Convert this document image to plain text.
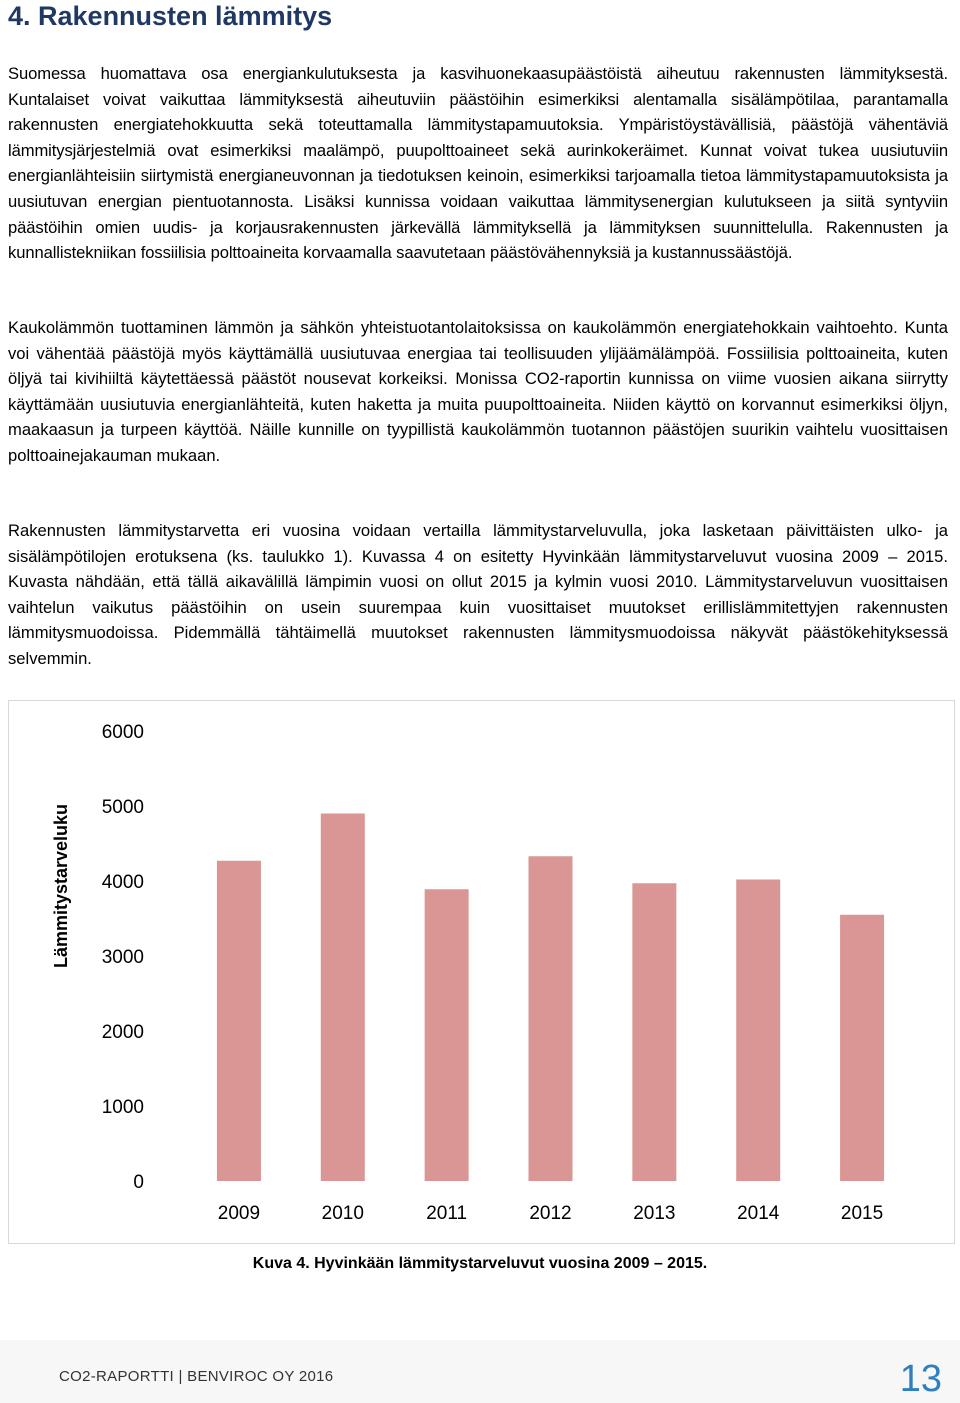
4. Rakennusten lämmitys

Suomessa huomattava osa energiankulutuksesta ja kasvihuonekaasupäästöistä aiheutuu rakennusten lämmityksestä. Kuntalaiset voivat vaikuttaa lämmityksestä aiheutuviin päästöihin esimerkiksi alentamalla sisälämpötilaa, parantamalla rakennusten energiatehokkuutta sekä toteuttamalla lämmitystapamuutoksia. Ympäristöystävällisiä, päästöjä vähentäviä lämmitysjärjestelmiä ovat esimerkiksi maalämpö, puupolttoaineet sekä aurinkokeräimet. Kunnat voivat tukea uusiutuviin energianlähteisiin siirtymistä energianeuvonnan ja tiedotuksen keinoin, esimerkiksi tarjoamalla tietoa lämmitystapamuutoksista ja uusiutuvan energian pientuotannosta. Lisäksi kunnissa voidaan vaikuttaa lämmitysenergian kulutukseen ja siitä syntyviin päästöihin omien uudis- ja korjausrakennusten järkevällä lämmityksellä ja lämmityksen suunnittelulla. Rakennusten ja kunnallistekniikan fossiilisia polttoaineita korvaamalla saavutetaan päästövähennyksiä ja kustannussäästöjä.

Kaukolämmön tuottaminen lämmön ja sähkön yhteistuotantolaitoksissa on kaukolämmön energiatehokkain vaihtoehto. Kunta voi vähentää päästöjä myös käyttämällä uusiutuvaa energiaa tai teollisuuden ylijäämälämpöä. Fossiilisia polttoaineita, kuten öljyä tai kivihiiltä käytettäessä päästöt nousevat korkeiksi. Monissa CO2-raportin kunnissa on viime vuosien aikana siirrytty käyttämään uusiutuvia energianlähteitä, kuten haketta ja muita puupolttoaineita. Niiden käyttö on korvannut esimerkiksi öljyn, maakaasun ja turpeen käyttöä. Näille kunnille on tyypillistä kaukolämmön tuotannon päästöjen suurikin vaihtelu vuosittaisen polttoainejakauman mukaan.

Rakennusten lämmitystarvetta eri vuosina voidaan vertailla lämmitystarveluvulla, joka lasketaan päivittäisten ulko- ja sisälämpötilojen erotuksena (ks. taulukko 1). Kuvassa 4 on esitetty Hyvinkään lämmitystarveluvut vuosina 2009 – 2015. Kuvasta nähdään, että tällä aikavälillä lämpimin vuosi on ollut 2015 ja kylmin vuosi 2010. Lämmitystarveluvun vuosittaisen vaihtelun vaikutus päästöihin on usein suurempaa kuin vuosittaiset muutokset erillislämmitettyjen rakennusten lämmitysmuodoissa. Pidemmällä tähtäimellä muutokset rakennusten lämmitysmuodoissa näkyvät päästökehityksessä selvemmin.

0
1000
2000
3000
4000
5000
6000
Lämmitystarveluku
2009	2010	2011	2012	2013	2014	2015
Kuva 4. Hyvinkään lämmitystarveluvut vuosina 2009 – 2015.
CO2-RAPORTTI | BENVIROC OY 2016	13
